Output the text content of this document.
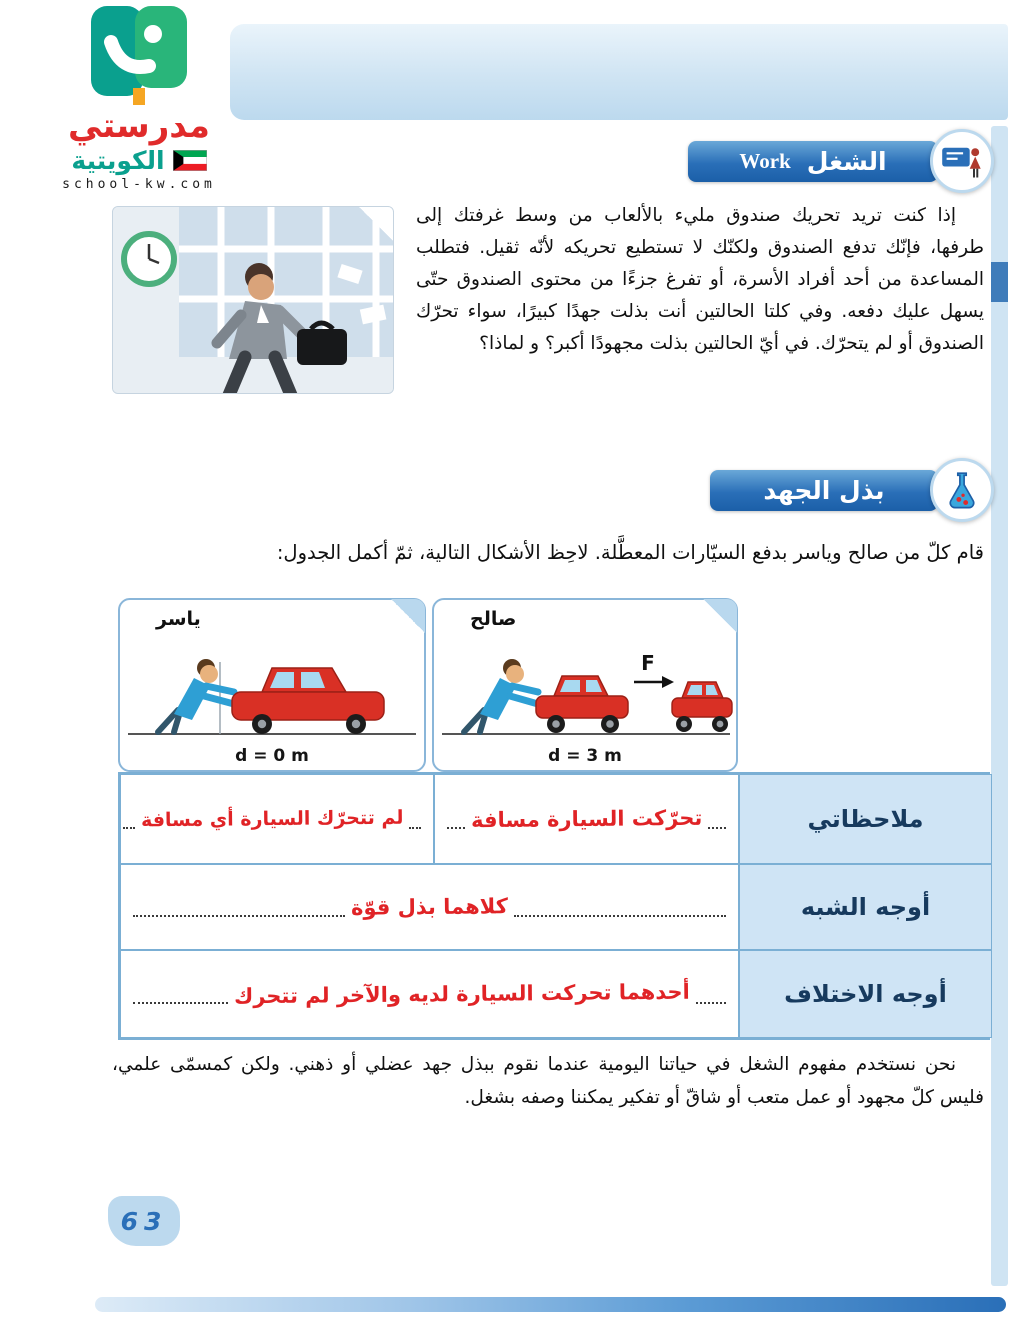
مدرستي
الكويتية
school-kw.com
الشغل
Work
إذا كنت تريد تحريك صندوق مليء بالألعاب من وسط غرفتك إلى طرفها، فإنّك تدفع الصندوق ولكنّك لا تستطيع تحريكه لأنّه ثقيل. فتطلب المساعدة من أحد أفراد الأسرة، أو تفرغ جزءًا من محتوى الصندوق حتّى يسهل عليك دفعه. وفي كلتا الحالتين أنت بذلت جهدًا كبيرًا، سواء تحرّك الصندوق أو لم يتحرّك. في أيّ الحالتين بذلت مجهودًا أكبر؟ و لماذا؟
بذل الجهد
قام كلّ من صالح وياسر بدفع السيّارات المعطَّلة. لاحِظ الأشكال التالية، ثمّ أكمل الجدول:
ياسر
d = 0 m
صالح
F
d = 3 m
لم تتحرّك السيارة أي مسافة	تحرّكت السيارة مسافة	ملاحظاتي
كلاهما بذل قوّة	أوجه الشبه
أحدهما تحركت السيارة لديه والآخر لم تتحرك	أوجه الاختلاف
نحن نستخدم مفهوم الشغل في حياتنا اليومية عندما نقوم ببذل جهد عضلي أو ذهني. ولكن كمسمّى علمي، فليس كلّ مجهود أو عمل متعب أو شاقّ أو تفكير يمكننا وصفه بشغل.
63
